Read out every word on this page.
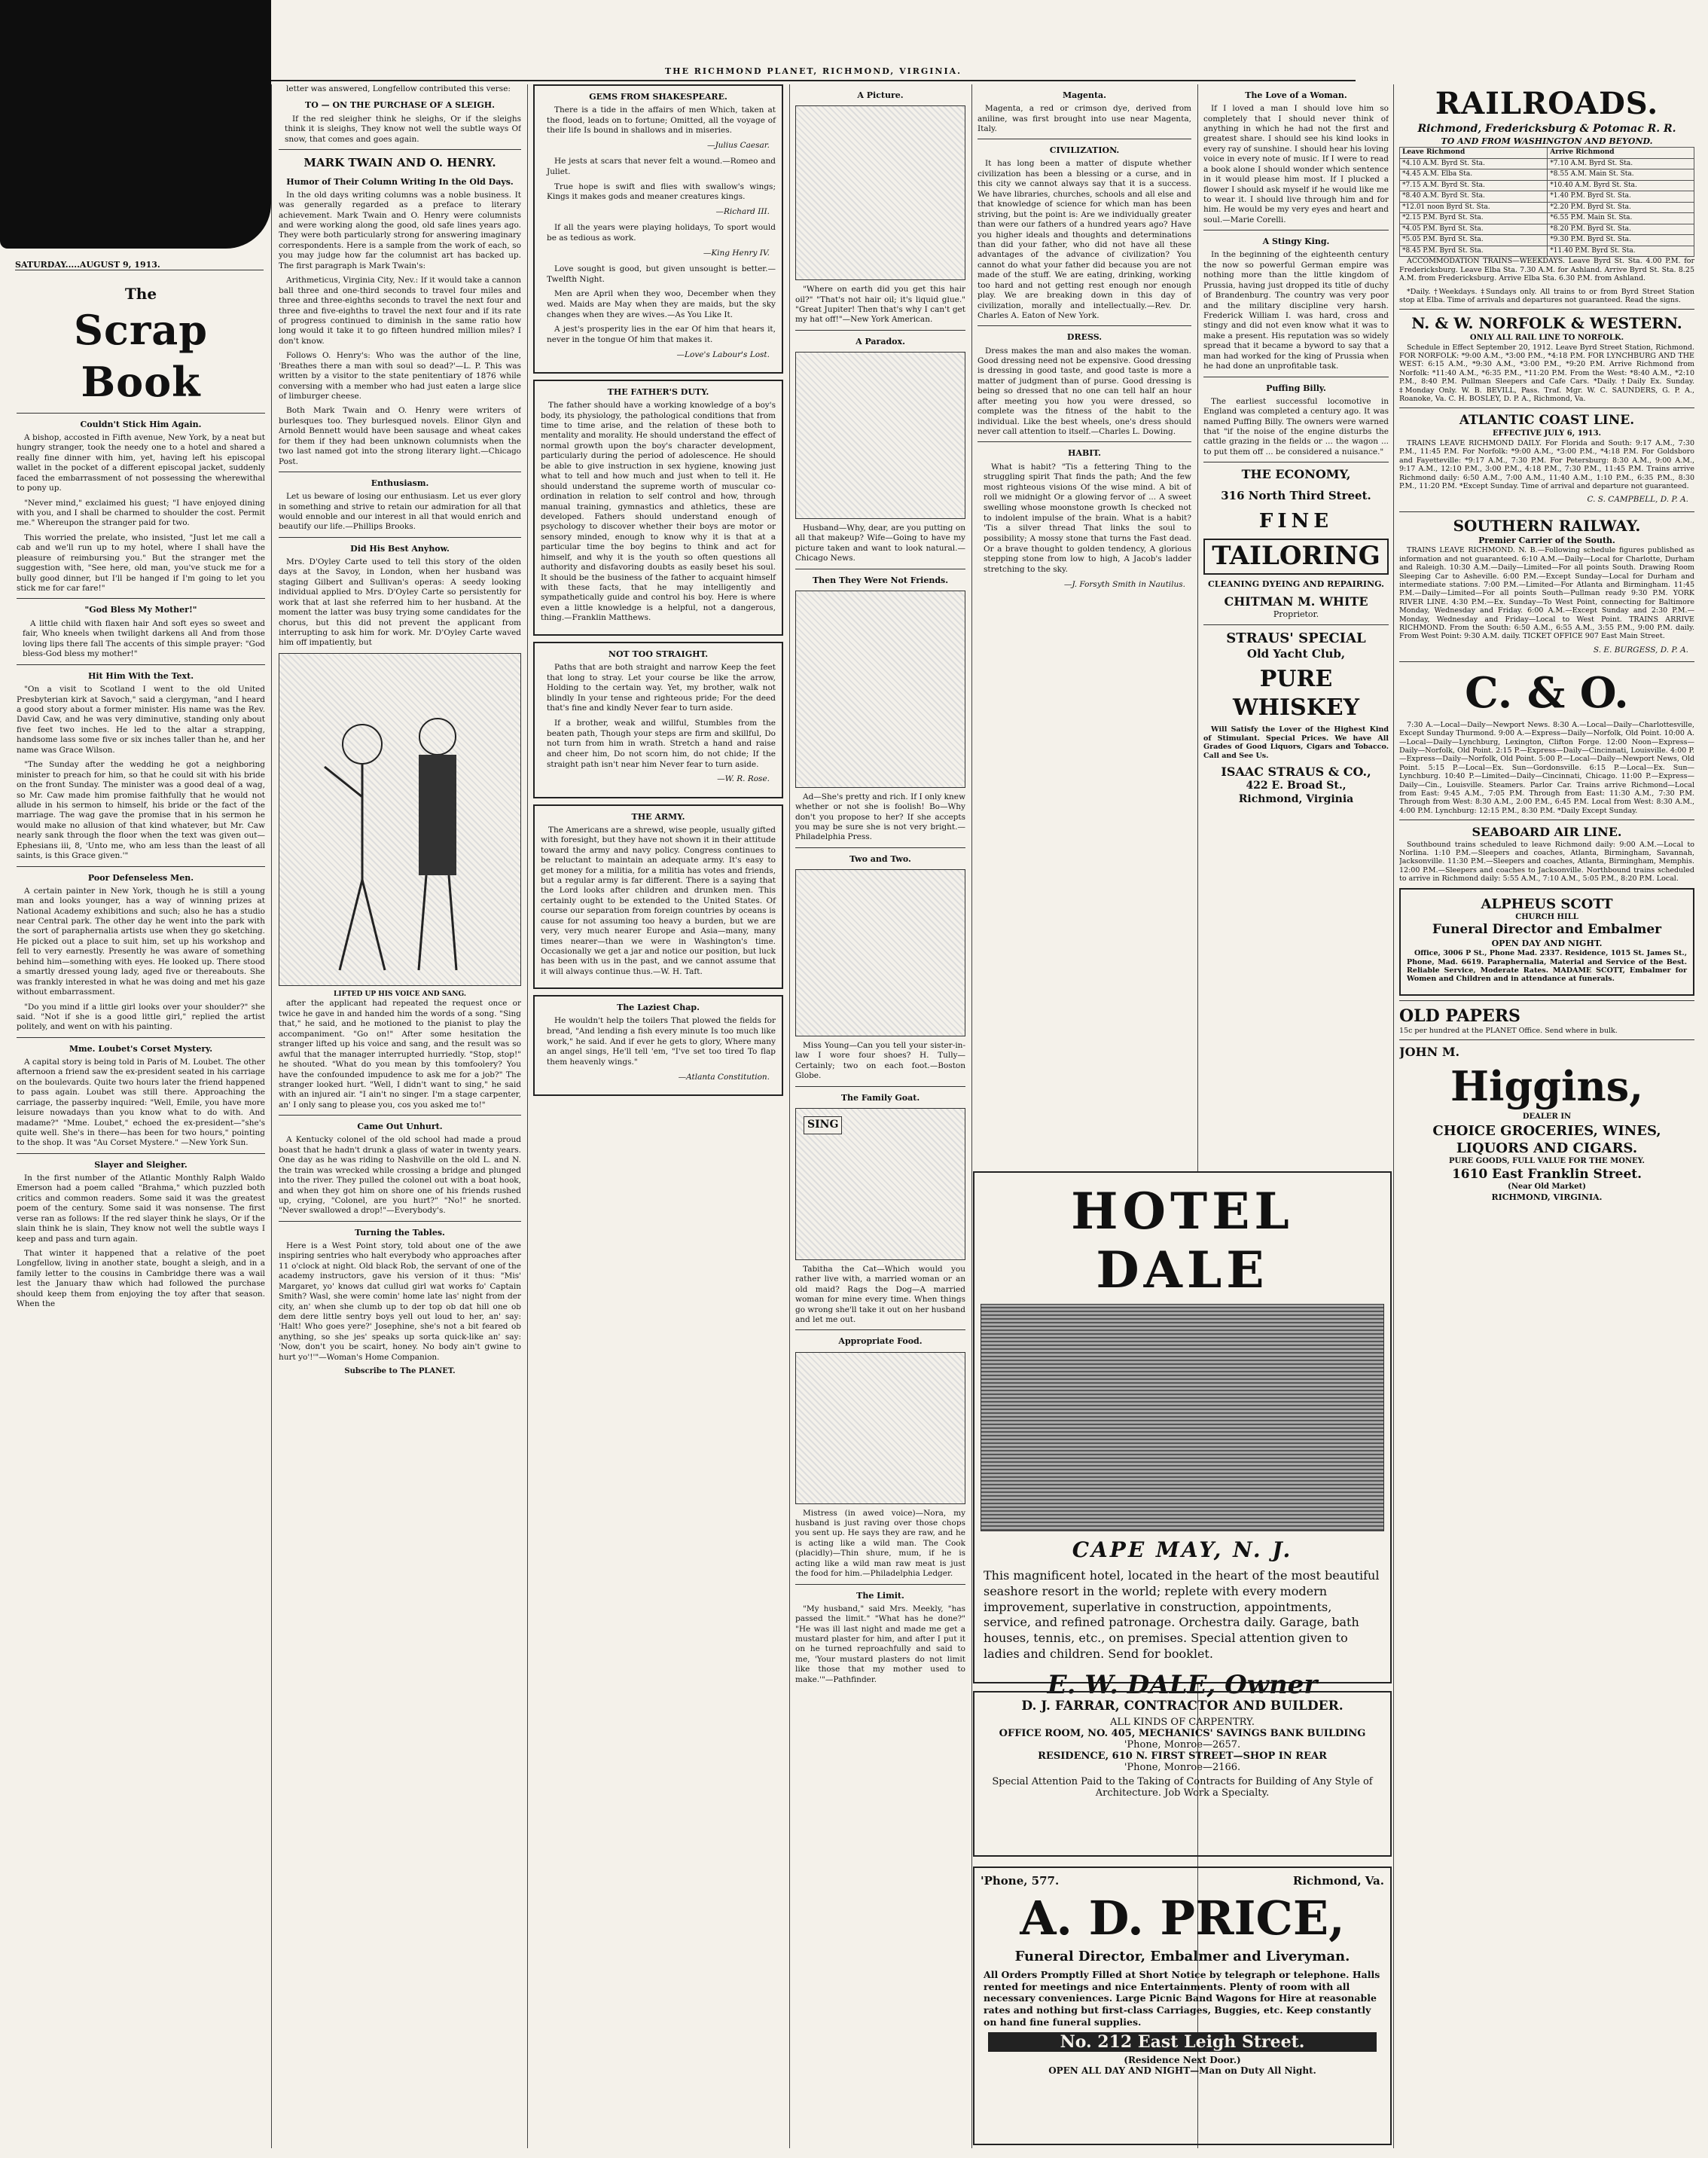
THE RICHMOND PLANET, RICHMOND, VIRGINIA.
SATURDAY.....AUGUST 9, 1913.
The
Scrap Book
Couldn't Stick Him Again.

A bishop, accosted in Fifth avenue, New York, by a neat but hungry stranger, took the needy one to a hotel and shared a really fine dinner with him, yet, having left his episcopal wallet in the pocket of a different episcopal jacket, suddenly faced the embarrassment of not possessing the wherewithal to pony up.

"Never mind," exclaimed his guest; "I have enjoyed dining with you, and I shall be charmed to shoulder the cost. Permit me." Whereupon the stranger paid for two.

This worried the prelate, who insisted, "Just let me call a cab and we'll run up to my hotel, where I shall have the pleasure of reimbursing you." But the stranger met the suggestion with, "See here, old man, you've stuck me for a bully good dinner, but I'll be hanged if I'm going to let you stick me for car fare!"

"God Bless My Mother!"

A little child with flaxen hair And soft eyes so sweet and fair, Who kneels when twilight darkens all And from those loving lips there fall The accents of this simple prayer: "God bless-God bless my mother!"

Hit Him With the Text.

"On a visit to Scotland I went to the old United Presbyterian kirk at Savoch," said a clergyman, "and I heard a good story about a former minister. His name was the Rev. David Caw, and he was very diminutive, standing only about five feet two inches. He led to the altar a strapping, handsome lass some five or six inches taller than he, and her name was Grace Wilson.

"The Sunday after the wedding he got a neighboring minister to preach for him, so that he could sit with his bride on the front Sunday. The minister was a good deal of a wag, so Mr. Caw made him promise faithfully that he would not allude in his sermon to himself, his bride or the fact of the marriage. The wag gave the promise that in his sermon he would make no allusion of that kind whatever, but Mr. Caw nearly sank through the floor when the text was given out—Ephesians iii, 8, 'Unto me, who am less than the least of all saints, is this Grace given.'"

Poor Defenseless Men.

A certain painter in New York, though he is still a young man and looks younger, has a way of winning prizes at National Academy exhibitions and such; also he has a studio near Central park. The other day he went into the park with the sort of paraphernalia artists use when they go sketching. He picked out a place to suit him, set up his workshop and fell to very earnestly. Presently he was aware of something behind him—something with eyes. He looked up. There stood a smartly dressed young lady, aged five or thereabouts. She was frankly interested in what he was doing and met his gaze without embarrassment.

"Do you mind if a little girl looks over your shoulder?" she said. "Not if she is a good little girl," replied the artist politely, and went on with his painting.

Mme. Loubet's Corset Mystery.

A capital story is being told in Paris of M. Loubet. The other afternoon a friend saw the ex-president seated in his carriage on the boulevards. Quite two hours later the friend happened to pass again. Loubet was still there. Approaching the carriage, the passerby inquired: "Well, Emile, you have more leisure nowadays than you know what to do with. And madame?" "Mme. Loubet," echoed the ex-president—"she's quite well. She's in there—has been for two hours," pointing to the shop. It was "Au Corset Mystere." —New York Sun.

Slayer and Sleigher.

In the first number of the Atlantic Monthly Ralph Waldo Emerson had a poem called "Brahma," which puzzled both critics and common readers. Some said it was the greatest poem of the century. Some said it was nonsense. The first verse ran as follows: If the red slayer think he slays, Or if the slain think he is slain, They know not well the subtle ways I keep and pass and turn again.

That winter it happened that a relative of the poet Longfellow, living in another state, bought a sleigh, and in a family letter to the cousins in Cambridge there was a wail lest the January thaw which had followed the purchase should keep them from enjoying the toy after that season. When the

letter was answered, Longfellow contributed this verse:

TO — ON THE PURCHASE OF A SLEIGH.

If the red sleigher think he sleighs, Or if the sleighs think it is sleighs, They know not well the subtle ways Of snow, that comes and goes again.

MARK TWAIN AND O. HENRY.
Humor of Their Column Writing In the Old Days.

In the old days writing columns was a noble business. It was generally regarded as a preface to literary achievement. Mark Twain and O. Henry were columnists and were working along the good, old safe lines years ago. They were both particularly strong for answering imaginary correspondents. Here is a sample from the work of each, so you may judge how far the columnist art has backed up. The first paragraph is Mark Twain's:

Arithmeticus, Virginia City, Nev.: If it would take a cannon ball three and one-third seconds to travel four miles and three and three-eighths seconds to travel the next four and three and five-eighths to travel the next four and if its rate of progress continued to diminish in the same ratio how long would it take it to go fifteen hundred million miles? I don't know.

Follows O. Henry's: Who was the author of the line, 'Breathes there a man with soul so dead?'—L. P. This was written by a visitor to the state penitentiary of 1876 while conversing with a member who had just eaten a large slice of limburger cheese.

Both Mark Twain and O. Henry were writers of burlesques too. They burlesqued novels. Elinor Glyn and Arnold Bennett would have been sausage and wheat cakes for them if they had been unknown columnists when the two last named got into the strong literary light.—Chicago Post.

Enthusiasm.

Let us beware of losing our enthusiasm. Let us ever glory in something and strive to retain our admiration for all that would ennoble and our interest in all that would enrich and beautify our life.—Phillips Brooks.

Did His Best Anyhow.

Mrs. D'Oyley Carte used to tell this story of the olden days at the Savoy, in London, when her husband was staging Gilbert and Sullivan's operas: A seedy looking individual applied to Mrs. D'Oyley Carte so persistently for work that at last she referred him to her husband. At the moment the latter was busy trying some candidates for the chorus, but this did not prevent the applicant from interrupting to ask him for work. Mr. D'Oyley Carte waved him off impatiently, but

LIFTED UP HIS VOICE AND SANG.

after the applicant had repeated the request once or twice he gave in and handed him the words of a song. "Sing that," he said, and he motioned to the pianist to play the accompaniment. "Go on!" After some hesitation the stranger lifted up his voice and sang, and the result was so awful that the manager interrupted hurriedly. "Stop, stop!" he shouted. "What do you mean by this tomfoolery? You have the confounded impudence to ask me for a job?" The stranger looked hurt. "Well, I didn't want to sing," he said with an injured air. "I ain't no singer. I'm a stage carpenter, an' I only sang to please you, cos you asked me to!"

Came Out Unhurt.

A Kentucky colonel of the old school had made a proud boast that he hadn't drunk a glass of water in twenty years. One day as he was riding to Nashville on the old L. and N. the train was wrecked while crossing a bridge and plunged into the river. They pulled the colonel out with a boat hook, and when they got him on shore one of his friends rushed up, crying, "Colonel, are you hurt?" "No!" he snorted. "Never swallowed a drop!"—Everybody's.

Turning the Tables.

Here is a West Point story, told about one of the awe inspiring sentries who halt everybody who approaches after 11 o'clock at night. Old black Rob, the servant of one of the academy instructors, gave his version of it thus: "Mis' Margaret, yo' knows dat cullud girl wat works fo' Captain Smith? Wasl, she were comin' home late las' night from der city, an' when she clumb up to der top ob dat hill one ob dem dere little sentry boys yell out loud to her, an' say: 'Halt! Who goes yere?' Josephine, she's not a bit feared ob anything, so she jes' speaks up sorta quick-like an' say: 'Now, don't you be scairt, honey. No body ain't gwine to hurt yo'!'"—Woman's Home Companion.

Subscribe to The PLANET.
GEMS FROM SHAKESPEARE.

There is a tide in the affairs of men Which, taken at the flood, leads on to fortune; Omitted, all the voyage of their life Is bound in shallows and in miseries.

—Julius Caesar.

He jests at scars that never felt a wound.—Romeo and Juliet.

True hope is swift and flies with swallow's wings; Kings it makes gods and meaner creatures kings.

—Richard III.

If all the years were playing holidays, To sport would be as tedious as work.

—King Henry IV.

Love sought is good, but given unsought is better.—Twelfth Night.

Men are April when they woo, December when they wed. Maids are May when they are maids, but the sky changes when they are wives.—As You Like It.

A jest's prosperity lies in the ear Of him that hears it, never in the tongue Of him that makes it.

—Love's Labour's Lost.
THE FATHER'S DUTY.

The father should have a working knowledge of a boy's body, its physiology, the pathological conditions that from time to time arise, and the relation of these both to mentality and morality. He should understand the effect of normal growth upon the boy's character development, particularly during the period of adolescence. He should be able to give instruction in sex hygiene, knowing just what to tell and how much and just when to tell it. He should understand the supreme worth of muscular co-ordination in relation to self control and how, through manual training, gymnastics and athletics, these are developed. Fathers should understand enough of psychology to discover whether their boys are motor or sensory minded, enough to know why it is that at a particular time the boy begins to think and act for himself, and why it is the youth so often questions all authority and disfavoring doubts as easily beset his soul. It should be the business of the father to acquaint himself with these facts, that he may intelligently and sympathetically guide and control his boy. Here is where even a little knowledge is a helpful, not a dangerous, thing.—Franklin Matthews.

NOT TOO STRAIGHT.

Paths that are both straight and narrow Keep the feet that long to stray. Let your course be like the arrow, Holding to the certain way. Yet, my brother, walk not blindly In your tense and righteous pride; For the deed that's fine and kindly Never fear to turn aside.

If a brother, weak and willful, Stumbles from the beaten path, Though your steps are firm and skillful, Do not turn from him in wrath. Stretch a hand and raise and cheer him, Do not scorn him, do not chide; If the straight path isn't near him Never fear to turn aside.

—W. R. Rose.
THE ARMY.

The Americans are a shrewd, wise people, usually gifted with foresight, but they have not shown it in their attitude toward the army and navy policy. Congress continues to be reluctant to maintain an adequate army. It's easy to get money for a militia, for a militia has votes and friends, but a regular army is far different. There is a saying that the Lord looks after children and drunken men. This certainly ought to be extended to the United States. Of course our separation from foreign countries by oceans is cause for not assuming too heavy a burden, but we are very, very much nearer Europe and Asia—many, many times nearer—than we were in Washington's time. Occasionally we get a jar and notice our position, but luck has been with us in the past, and we cannot assume that it will always continue thus.—W. H. Taft.

The Laziest Chap.

He wouldn't help the toilers That plowed the fields for bread, "And lending a fish every minute Is too much like work," he said. And if ever he gets to glory, Where many an angel sings, He'll tell 'em, "I've set too tired To flap them heavenly wings."

—Atlanta Constitution.
A Picture.

"Where on earth did you get this hair oil?" "That's not hair oil; it's liquid glue." "Great Jupiter! Then that's why I can't get my hat off!"—New York American.

A Paradox.

Husband—Why, dear, are you putting on all that makeup? Wife—Going to have my picture taken and want to look natural.—Chicago News.

Then They Were Not Friends.

Ad—She's pretty and rich. If I only knew whether or not she is foolish! Bo—Why don't you propose to her? If she accepts you may be sure she is not very bright.—Philadelphia Press.

Two and Two.

Miss Young—Can you tell your sister-in-law I wore four shoes? H. Tully—Certainly; two on each foot.—Boston Globe.

The Family Goat.
SING

Tabitha the Cat—Which would you rather live with, a married woman or an old maid? Rags the Dog—A married woman for mine every time. When things go wrong she'll take it out on her husband and let me out.

Appropriate Food.

Mistress (in awed voice)—Nora, my husband is just raving over those chops you sent up. He says they are raw, and he is acting like a wild man. The Cook (placidly)—Thin shure, mum, if he is acting like a wild man raw meat is just the food for him.—Philadelphia Ledger.

The Limit.

"My husband," said Mrs. Meekly, "has passed the limit." "What has he done?" "He was ill last night and made me get a mustard plaster for him, and after I put it on he turned reproachfully and said to me, 'Your mustard plasters do not limit like those that my mother used to make.'"—Pathfinder.

Magenta.

Magenta, a red or crimson dye, derived from aniline, was first brought into use near Magenta, Italy.

CIVILIZATION.

It has long been a matter of dispute whether civilization has been a blessing or a curse, and in this city we cannot always say that it is a success. We have libraries, churches, schools and all else and that knowledge of science for which man has been striving, but the point is: Are we individually greater than were our fathers of a hundred years ago? Have you higher ideals and thoughts and determinations than did your father, who did not have all these advantages of the advance of civilization? You cannot do what your father did because you are not made of the stuff. We are eating, drinking, working too hard and not getting rest enough nor enough play. We are breaking down in this day of civilization, morally and intellectually.—Rev. Dr. Charles A. Eaton of New York.

DRESS.

Dress makes the man and also makes the woman. Good dressing need not be expensive. Good dressing is dressing in good taste, and good taste is more a matter of judgment than of purse. Good dressing is being so dressed that no one can tell half an hour after meeting you how you were dressed, so complete was the fitness of the habit to the individual. Like the best wheels, one's dress should never call attention to itself.—Charles L. Dowing.

HABIT.

What is habit? "Tis a fettering Thing to the struggling spirit That finds the path; And the few most righteous visions Of the wise mind. A bit of roll we midnight Or a glowing fervor of ... A sweet swelling whose moonstone growth Is checked not to indolent impulse of the brain. What is a habit? 'Tis a silver thread That links the soul to possibility; A mossy stone that turns the Fast dead. Or a brave thought to golden tendency, A glorious stepping stone from low to high, A Jacob's ladder stretching to the sky.

—J. Forsyth Smith in Nautilus.
The Love of a Woman.

If I loved a man I should love him so completely that I should never think of anything in which he had not the first and greatest share. I should see his kind looks in every ray of sunshine. I should hear his loving voice in every note of music. If I were to read a book alone I should wonder which sentence in it would please him most. If I plucked a flower I should ask myself if he would like me to wear it. I should live through him and for him. He would be my very eyes and heart and soul.—Marie Corelli.

A Stingy King.

In the beginning of the eighteenth century the now so powerful German empire was nothing more than the little kingdom of Prussia, having just dropped its title of duchy of Brandenburg. The country was very poor and the military discipline very harsh. Frederick William I. was hard, cross and stingy and did not even know what it was to make a present. His reputation was so widely spread that it became a byword to say that a man had worked for the king of Prussia when he had done an unprofitable task.

Puffing Billy.

The earliest successful locomotive in England was completed a century ago. It was named Puffing Billy. The owners were warned that "if the noise of the engine disturbs the cattle grazing in the fields or ... the wagon ... to put them off ... be considered a nuisance."

THE ECONOMY,
316 North Third Street.
FINE
TAILORING
CLEANING DYEING AND REPAIRING.
CHITMAN M. WHITE
Proprietor.
STRAUS' SPECIAL
Old Yacht Club,
PURE WHISKEY

Will Satisfy the Lover of the Highest Kind of Stimulant. Special Prices. We have All Grades of Good Liquors, Cigars and Tobacco. Call and See Us.

ISAAC STRAUS & CO.,
422 E. Broad St.,
Richmond, Virginia
HOTEL DALE
CAPE MAY, N. J.

This magnificent hotel, located in the heart of the most beautiful seashore resort in the world; replete with every modern improvement, superlative in construction, appointments, service, and refined patronage. Orchestra daily. Garage, bath houses, tennis, etc., on premises. Special attention given to ladies and children. Send for booklet.

E. W. DALE, Owner
D. J. FARRAR, CONTRACTOR AND BUILDER.
ALL KINDS OF CARPENTRY.
OFFICE ROOM, NO. 405, MECHANICS' SAVINGS BANK BUILDING
'Phone, Monroe—2657.
RESIDENCE, 610 N. FIRST STREET—SHOP IN REAR
'Phone, Monroe—2166.
Special Attention Paid to the Taking of Contracts for Building of Any Style of Architecture. Job Work a Specialty.
'Phone, 577.	Richmond, Va.
A. D. PRICE,
Funeral Director, Embalmer and Liveryman.

All Orders Promptly Filled at Short Notice by telegraph or telephone. Halls rented for meetings and nice Entertainments. Plenty of room with all necessary conveniences. Large Picnic Band Wagons for Hire at reasonable rates and nothing but first-class Carriages, Buggies, etc. Keep constantly on hand fine funeral supplies.

No. 212 East Leigh Street.
(Residence Next Door.)
OPEN ALL DAY AND NIGHT—Man on Duty All Night.
RAILROADS.
Richmond, Fredericksburg & Potomac R. R.
TO AND FROM WASHINGTON AND BEYOND.
Leave Richmond	Arrive Richmond
*4.10 A.M. Byrd St. Sta.	*7.10 A.M. Byrd St. Sta.
*4.45 A.M. Elba Sta.	*8.55 A.M. Main St. Sta.
*7.15 A.M. Byrd St. Sta.	*10.40 A.M. Byrd St. Sta.
*8.40 A.M. Byrd St. Sta.	*1.40 P.M. Byrd St. Sta.
*12.01 noon Byrd St. Sta.	*2.20 P.M. Byrd St. Sta.
*2.15 P.M. Byrd St. Sta.	*6.55 P.M. Main St. Sta.
*4.05 P.M. Byrd St. Sta.	*8.20 P.M. Byrd St. Sta.
*5.05 P.M. Byrd St. Sta.	*9.30 P.M. Byrd St. Sta.
*8.45 P.M. Byrd St. Sta.	*11.40 P.M. Byrd St. Sta.

ACCOMMODATION TRAINS—WEEKDAYS. Leave Byrd St. Sta. 4.00 P.M. for Fredericksburg. Leave Elba Sta. 7.30 A.M. for Ashland. Arrive Byrd St. Sta. 8.25 A.M. from Fredericksburg. Arrive Elba Sta. 6.30 P.M. from Ashland.

*Daily. †Weekdays. ‡Sundays only. All trains to or from Byrd Street Station stop at Elba. Time of arrivals and departures not guaranteed. Read the signs.

N. & W. NORFOLK & WESTERN.
ONLY ALL RAIL LINE TO NORFOLK.

Schedule in Effect September 20, 1912. Leave Byrd Street Station, Richmond. FOR NORFOLK: *9:00 A.M., *3:00 P.M., *4:18 P.M. FOR LYNCHBURG AND THE WEST: 6:15 A.M., *9:30 A.M., *3:00 P.M., *9:20 P.M. Arrive Richmond from Norfolk: *11:40 A.M., *6:35 P.M., *11:20 P.M. From the West: *8:40 A.M., *2:10 P.M., 8:40 P.M. Pullman Sleepers and Cafe Cars. *Daily. †Daily Ex. Sunday. ‡Monday Only. W. B. BEVILL, Pass. Traf. Mgr. W. C. SAUNDERS, G. P. A., Roanoke, Va. C. H. BOSLEY, D. P. A., Richmond, Va.

ATLANTIC COAST LINE.
EFFECTIVE JULY 6, 1913.

TRAINS LEAVE RICHMOND DAILY. For Florida and South: 9:17 A.M., 7:30 P.M., 11:45 P.M. For Norfolk: *9:00 A.M., *3:00 P.M., *4:18 P.M. For Goldsboro and Fayetteville: *9:17 A.M., 7:30 P.M. For Petersburg: 8:30 A.M., 9:00 A.M., 9:17 A.M., 12:10 P.M., 3:00 P.M., 4:18 P.M., 7:30 P.M., 11:45 P.M. Trains arrive Richmond daily: 6:50 A.M., 7:00 A.M., 11:40 A.M., 1:10 P.M., 6:35 P.M., 8:30 P.M., 11:20 P.M. *Except Sunday. Time of arrival and departure not guaranteed.

C. S. CAMPBELL, D. P. A.
SOUTHERN RAILWAY.
Premier Carrier of the South.

TRAINS LEAVE RICHMOND. N. B.—Following schedule figures published as information and not guaranteed. 6:10 A.M.—Daily—Local for Charlotte, Durham and Raleigh. 10:30 A.M.—Daily—Limited—For all points South. Drawing Room Sleeping Car to Asheville. 6:00 P.M.—Except Sunday—Local for Durham and intermediate stations. 7:00 P.M.—Limited—For Atlanta and Birmingham. 11:45 P.M.—Daily—Limited—For all points South—Pullman ready 9:30 P.M. YORK RIVER LINE. 4:30 P.M.—Ex. Sunday—To West Point, connecting for Baltimore Monday, Wednesday and Friday. 6:00 A.M.—Except Sunday and 2:30 P.M.—Monday, Wednesday and Friday—Local to West Point. TRAINS ARRIVE RICHMOND. From the South: 6:50 A.M., 6:55 A.M., 3:55 P.M., 9:00 P.M. daily. From West Point: 9:30 A.M. daily. TICKET OFFICE 907 East Main Street.

S. E. BURGESS, D. P. A.
C. & O.

7:30 A.—Local—Daily—Newport News. 8:30 A.—Local—Daily—Charlottesville, Except Sunday Thurmond. 9:00 A.—Express—Daily—Norfolk, Old Point. 10:00 A.—Local—Daily—Lynchburg, Lexington, Clifton Forge. 12:00 Noon—Express—Daily—Norfolk, Old Point. 2:15 P.—Express—Daily—Cincinnati, Louisville. 4:00 P.—Express—Daily—Norfolk, Old Point. 5:00 P.—Local—Daily—Newport News, Old Point. 5:15 P.—Local—Ex. Sun—Gordonsville. 6:15 P.—Local—Ex. Sun—Lynchburg. 10:40 P.—Limited—Daily—Cincinnati, Chicago. 11:00 P.—Express—Daily—Cin., Louisville. Steamers. Parlor Car. Trains arrive Richmond—Local from East: 9:45 A.M., 7:05 P.M. Through from East: 11:30 A.M., 7:30 P.M. Through from West: 8:30 A.M., 2:00 P.M., 6:45 P.M. Local from West: 8:30 A.M., 4:00 P.M. Lynchburg: 12:15 P.M., 8:30 P.M. *Daily Except Sunday.

SEABOARD AIR LINE.

Southbound trains scheduled to leave Richmond daily: 9:00 A.M.—Local to Norlina. 1:10 P.M.—Sleepers and coaches, Atlanta, Birmingham, Savannah, Jacksonville. 11:30 P.M.—Sleepers and coaches, Atlanta, Birmingham, Memphis. 12:00 P.M.—Sleepers and coaches to Jacksonville. Northbound trains scheduled to arrive in Richmond daily: 5:55 A.M., 7:10 A.M., 5:05 P.M., 8:20 P.M. Local.

ALPHEUS SCOTT
CHURCH HILL
Funeral Director and Embalmer
OPEN DAY AND NIGHT.

Office, 3006 P St., Phone Mad. 2337. Residence, 1015 St. James St., Phone, Mad. 6619. Paraphernalia, Material and Service of the Best. Reliable Service, Moderate Rates. MADAME SCOTT, Embalmer for Women and Children and in attendance at funerals.

OLD PAPERS
15c per hundred at the PLANET Office. Send where in bulk.
JOHN M.
Higgins,
DEALER IN
CHOICE GROCERIES, WINES, LIQUORS AND CIGARS.
PURE GOODS, FULL VALUE FOR THE MONEY.
1610 East Franklin Street.
(Near Old Market)
RICHMOND, VIRGINIA.
